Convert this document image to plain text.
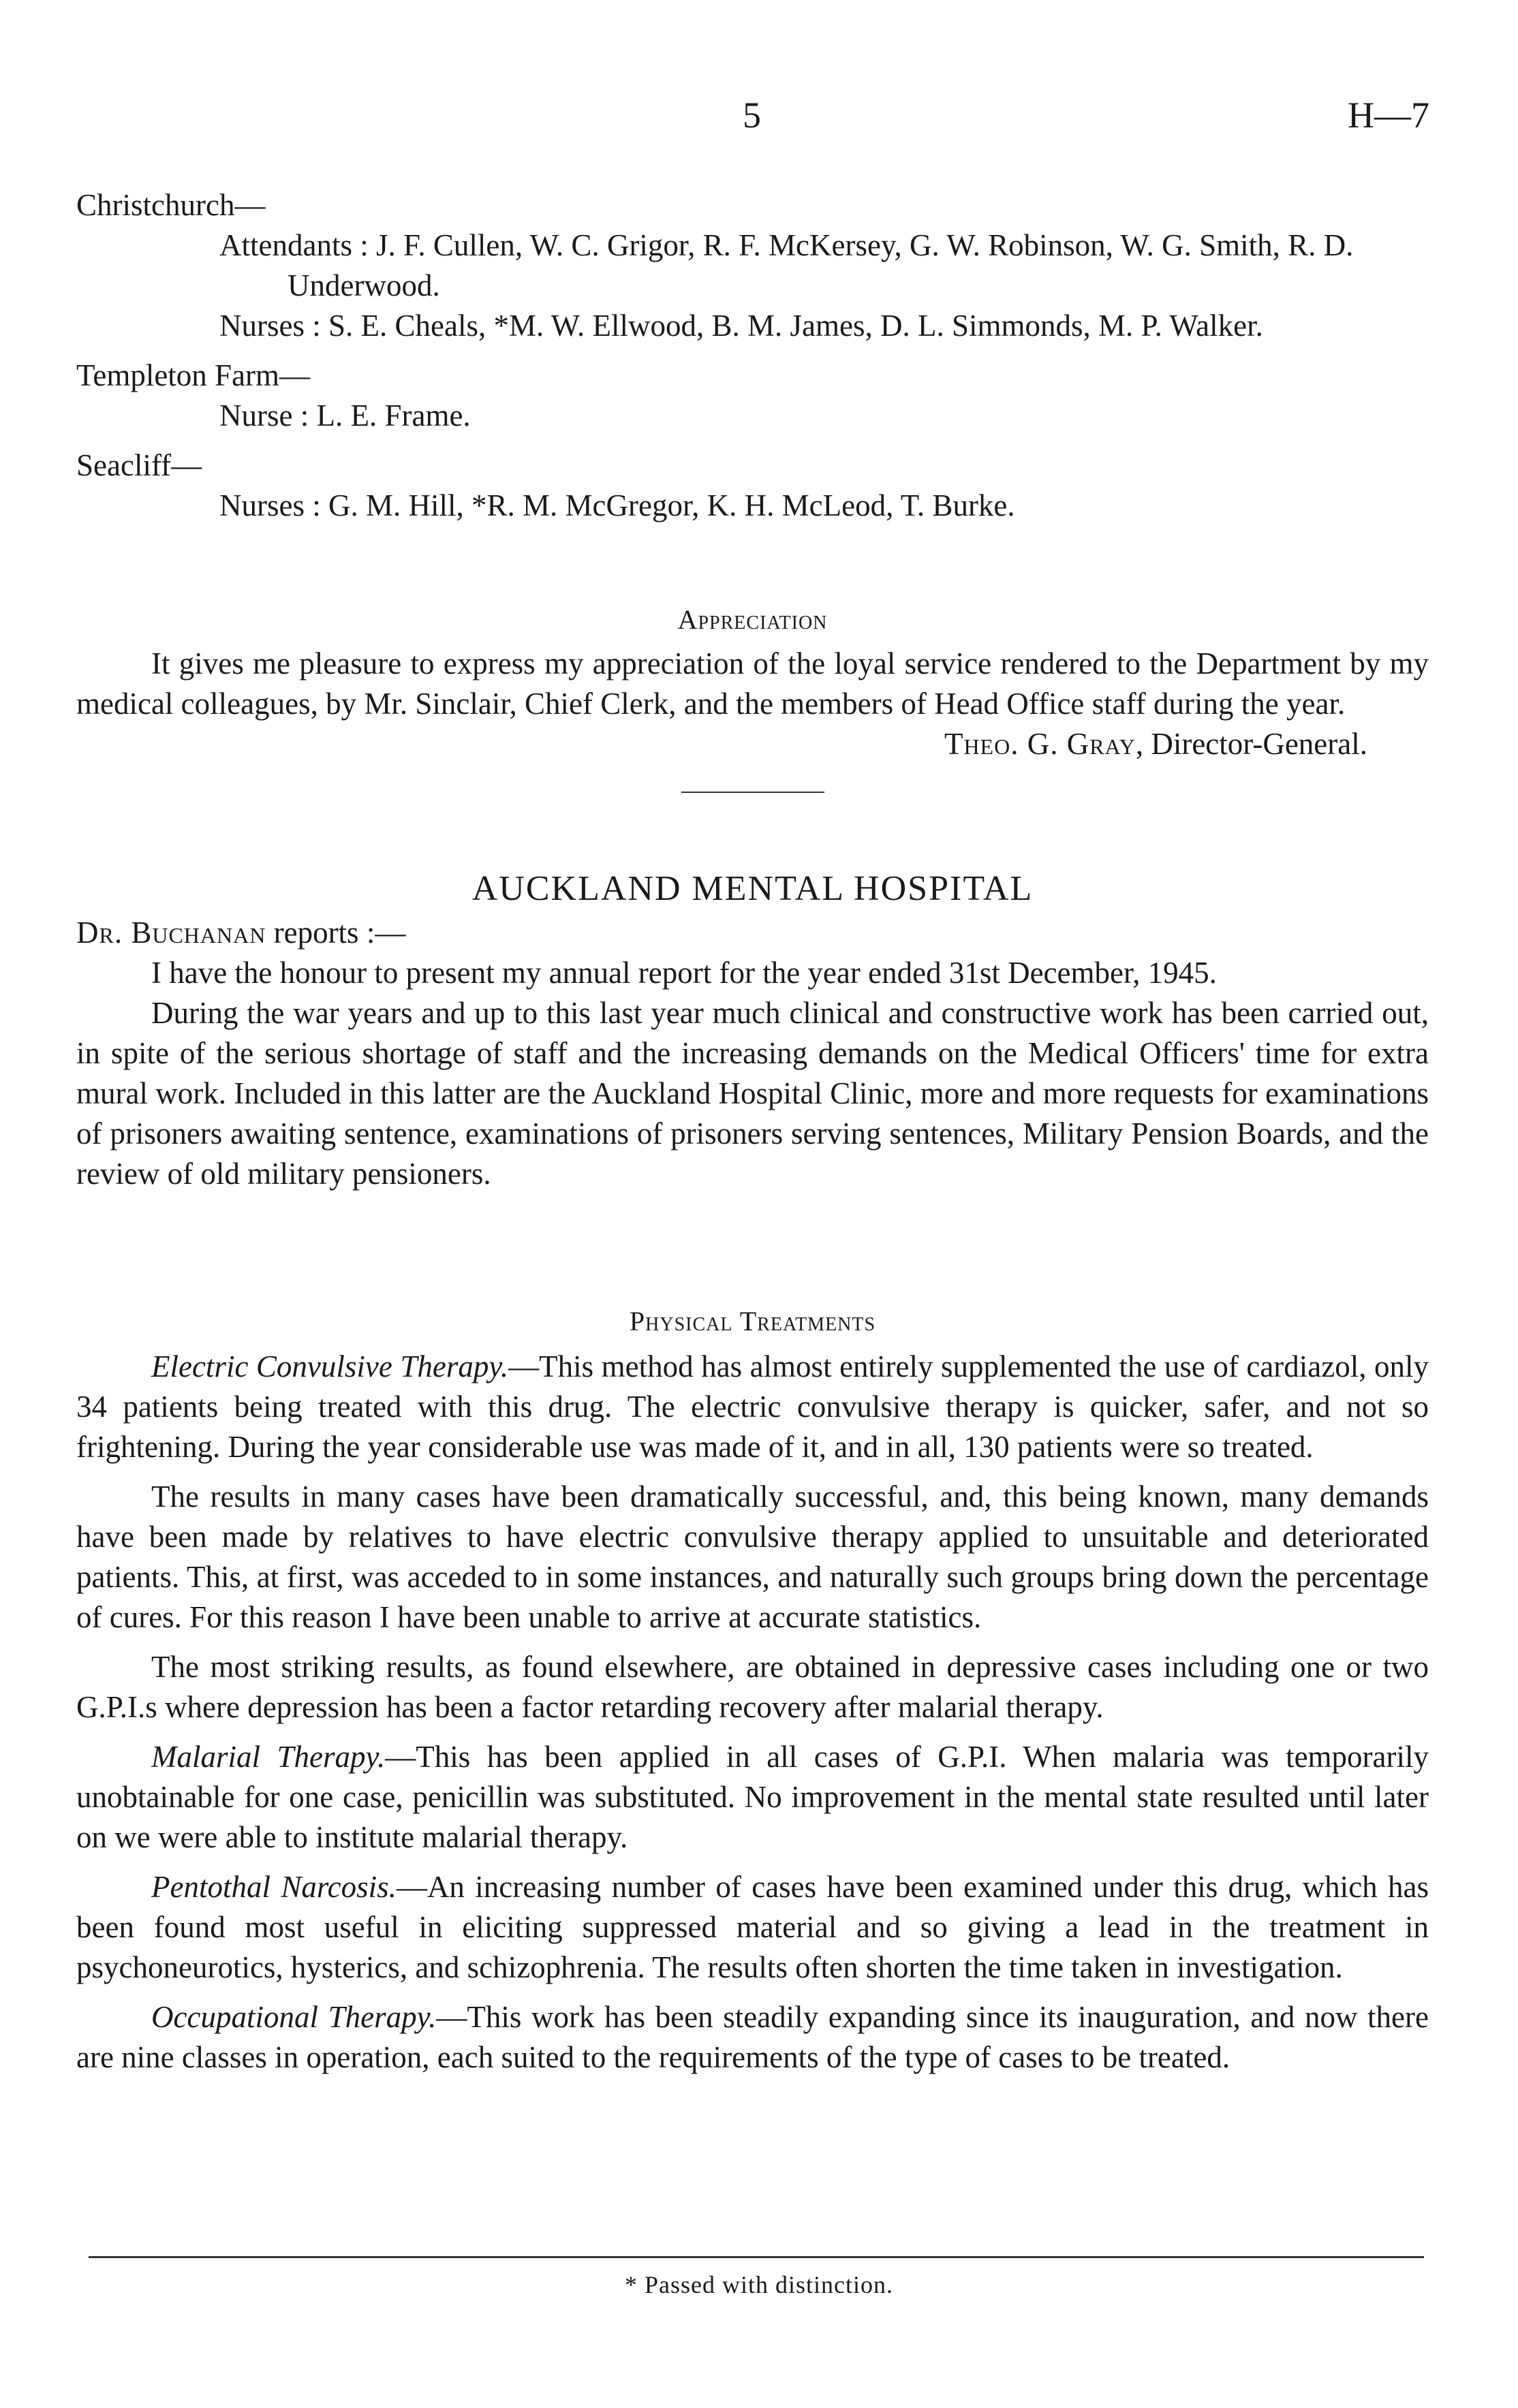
5	H—7
Christchurch—

Attendants : J. F. Cullen, W. C. Grigor, R. F. McKersey, G. W. Robinson, W. G. Smith, R. D. Underwood.

Nurses : S. E. Cheals, *M. W. Ellwood, B. M. James, D. L. Simmonds, M. P. Walker.

Templeton Farm—

Nurse : L. E. Frame.

Seacliff—

Nurses : G. M. Hill, *R. M. McGregor, K. H. McLeod, T. Burke.

Appreciation

It gives me pleasure to express my appreciation of the loyal service rendered to the Department by my medical colleagues, by Mr. Sinclair, Chief Clerk, and the members of Head Office staff during the year.

Theo. G. Gray, Director-General.
AUCKLAND MENTAL HOSPITAL
Dr. Buchanan reports :—

I have the honour to present my annual report for the year ended 31st December, 1945.

During the war years and up to this last year much clinical and constructive work has been carried out, in spite of the serious shortage of staff and the increasing demands on the Medical Officers' time for extra mural work. Included in this latter are the Auckland Hospital Clinic, more and more requests for examinations of prisoners awaiting sentence, examinations of prisoners serving sentences, Military Pension Boards, and the review of old military pensioners.

Physical Treatments

Electric Convulsive Therapy.—This method has almost entirely supplemented the use of cardiazol, only 34 patients being treated with this drug. The electric convulsive therapy is quicker, safer, and not so frightening. During the year considerable use was made of it, and in all, 130 patients were so treated.

The results in many cases have been dramatically successful, and, this being known, many demands have been made by relatives to have electric convulsive therapy applied to unsuitable and deteriorated patients. This, at first, was acceded to in some instances, and naturally such groups bring down the percentage of cures. For this reason I have been unable to arrive at accurate statistics.

The most striking results, as found elsewhere, are obtained in depressive cases including one or two G.P.I.s where depression has been a factor retarding recovery after malarial therapy.

Malarial Therapy.—This has been applied in all cases of G.P.I. When malaria was temporarily unobtainable for one case, penicillin was substituted. No improvement in the mental state resulted until later on we were able to institute malarial therapy.

Pentothal Narcosis.—An increasing number of cases have been examined under this drug, which has been found most useful in eliciting suppressed material and so giving a lead in the treatment in psychoneurotics, hysterics, and schizophrenia. The results often shorten the time taken in investigation.

Occupational Therapy.—This work has been steadily expanding since its inauguration, and now there are nine classes in operation, each suited to the requirements of the type of cases to be treated.

* Passed with distinction.
